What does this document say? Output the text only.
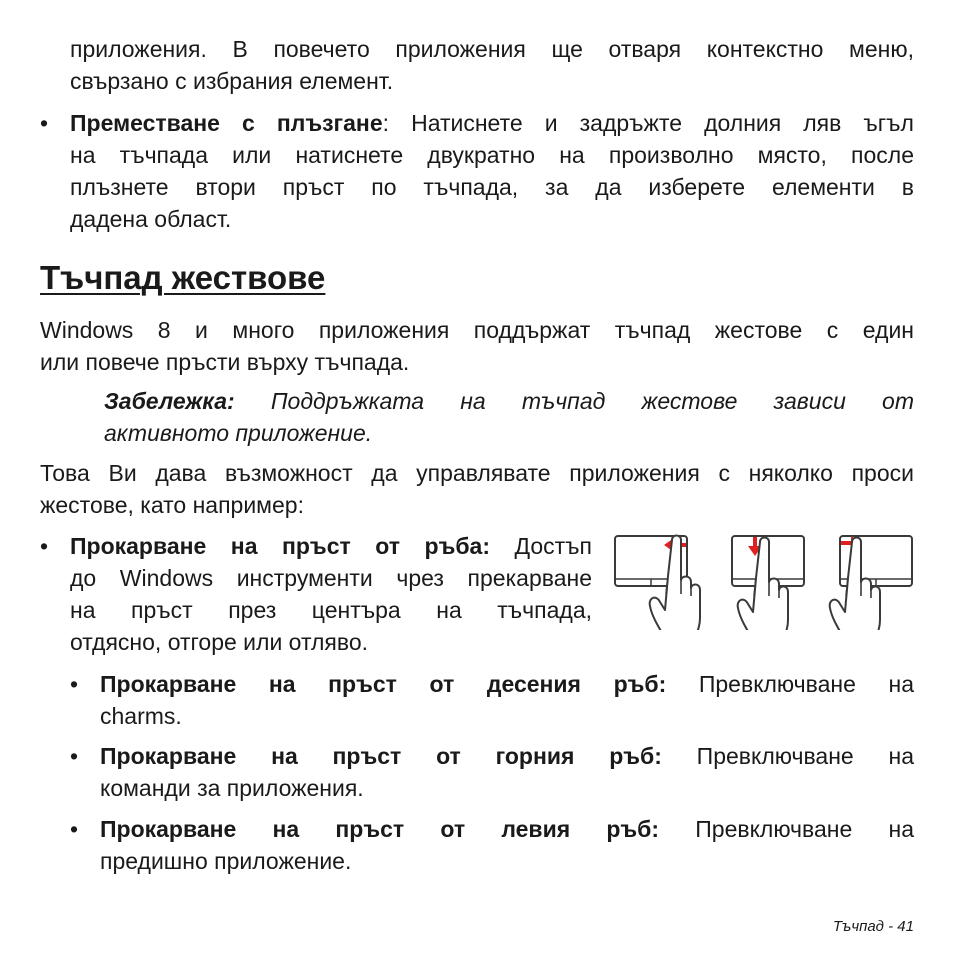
приложения. В повечето приложения ще отваря контекстно меню,
свързано с избрания елемент.
• Преместване с плъзгане: Натиснете и задръжте долния ляв ъгъл
на тъчпада или натиснете двукратно на произволно място, после
плъзнете втори пръст по тъчпада, за да изберете елементи в
дадена област.
Тъчпад жествове
Windows 8 и много приложения поддържат тъчпад жестове с един
или повече пръсти върху тъчпада.
Забележка: Поддръжката на тъчпад жестове зависи от
активното приложение.
Това Ви дава възможност да управлявате приложения с няколко проси
жестове, като например:
• Прокарване на пръст от ръба: Достъп
до Windows инструменти чрез прекарване
на пръст през центъра на тъчпада,
отдясно, отгоре или отляво.
• Прокарване на пръст от десения ръб: Превключване на
charms.
• Прокарване на пръст от горния ръб: Превключване на
команди за приложения.
• Прокарване на пръст от левия ръб: Превключване на
предишно приложение.
Тъчпад - 41
